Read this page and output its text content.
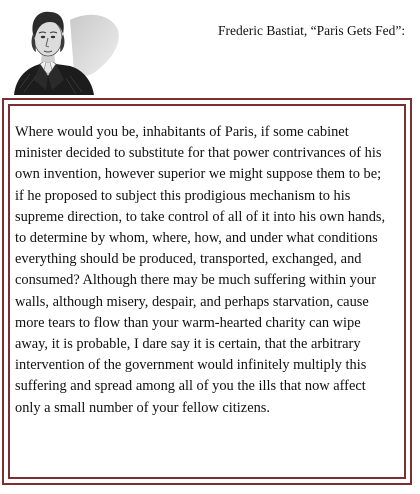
Frederic Bastiat, “Paris Gets Fed”:

Where would you be, inhabitants of Paris, if some cabinet
minister decided to substitute for that power contrivances of his
own invention, however superior we might suppose them to be;
if he proposed to subject this prodigious mechanism to his
supreme direction, to take control of all of it into his own hands,
to determine by whom, where, how, and under what conditions
everything should be produced, transported, exchanged, and
consumed? Although there may be much suffering within your
walls, although misery, despair, and perhaps starvation, cause
more tears to flow than your warm-hearted charity can wipe
away, it is probable, I dare say it is certain, that the arbitrary
intervention of the government would infinitely multiply this
suffering and spread among all of you the ills that now affect
only a small number of your fellow citizens.
